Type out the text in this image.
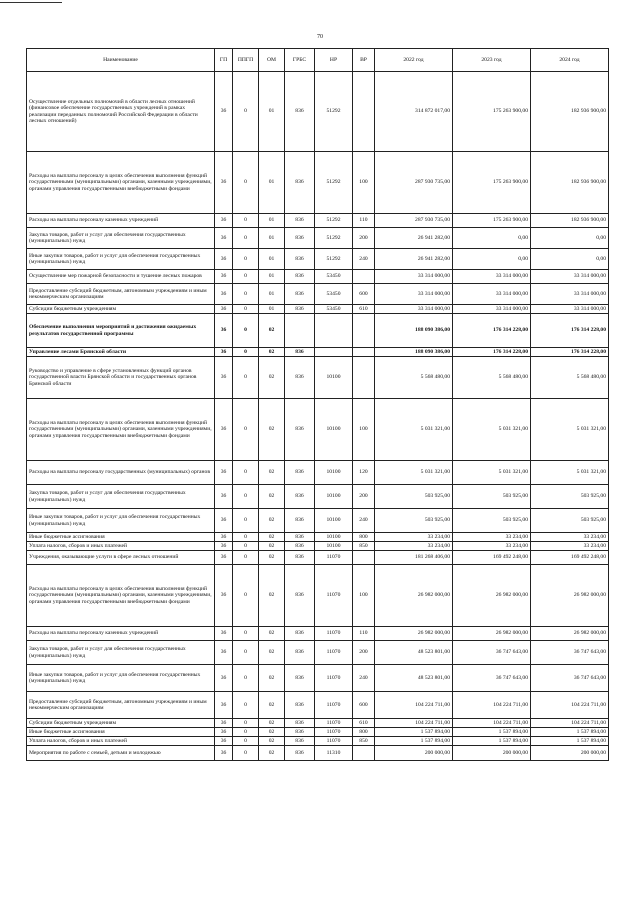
70
Наименование	ГП	ППГП	ОМ	ГРБС	НР	ВР	2022 год	2023 год	2024 год
Осуществление отдельных полномочий в области лесных отношений (финансовое обеспечение государственных учреждений в рамках реализации переданных полномочий Российской Федерации в области лесных отношений)	36	0	01	836	51292		314 872 017,00	175 263 900,00	182 936 900,00
Расходы на выплаты персоналу в целях обеспечения выполнения функций государственными (муниципальными) органами, казенными учреждениями, органами управления государственными внебюджетными фондами	36	0	01	836	51292	100	287 930 735,00	175 263 900,00	182 936 900,00
Расходы на выплаты персоналу казенных учреждений	36	0	01	836	51292	110	287 930 735,00	175 263 900,00	182 936 900,00
Закупка товаров, работ и услуг для обеспечения государственных (муниципальных) нужд	36	0	01	836	51292	200	26 941 282,00	0,00	0,00
Иные закупки товаров, работ и услуг для обеспечения государственных (муниципальных) нужд	36	0	01	836	51292	240	26 941 282,00	0,00	0,00
Осуществление мер пожарной безопасности и тушение лесных пожаров	36	0	01	836	53450		33 314 000,00	33 314 000,00	33 314 000,00
Предоставление субсидий бюджетным, автономным учреждениям и иным некоммерческим организациям	36	0	01	836	53450	600	33 314 000,00	33 314 000,00	33 314 000,00
Субсидии бюджетным учреждениям	36	0	01	836	53450	610	33 314 000,00	33 314 000,00	33 314 000,00
Обеспечение выполнения мероприятий и достижения ожидаемых результатов государственной программы	36	0	02				188 090 386,00	176 314 228,00	176 314 228,00
Управление лесами Брянской области	36	0	02	836			188 090 386,00	176 314 228,00	176 314 228,00
Руководство и управление в сфере установленных функций органов государственной власти Брянской области и государственных органов Брянской области	36	0	02	836	10100		5 568 480,00	5 568 480,00	5 568 480,00
Расходы на выплаты персоналу в целях обеспечения выполнения функций государственными (муниципальными) органами, казенными учреждениями, органами управления государственными внебюджетными фондами	36	0	02	836	10100	100	5 031 321,00	5 031 321,00	5 031 321,00
Расходы на выплаты персоналу государственных (муниципальных) органов	36	0	02	836	10100	120	5 031 321,00	5 031 321,00	5 031 321,00
Закупка товаров, работ и услуг для обеспечения государственных (муниципальных) нужд	36	0	02	836	10100	200	503 925,00	503 925,00	503 925,00
Иные закупки товаров, работ и услуг для обеспечения государственных (муниципальных) нужд	36	0	02	836	10100	240	503 925,00	503 925,00	503 925,00
Иные бюджетные ассигнования	36	0	02	836	10100	800	33 234,00	33 234,00	33 234,00
Уплата налогов, сборов и иных платежей	36	0	02	836	10100	850	33 234,00	33 234,00	33 234,00
Учреждения, оказывающие услуги в сфере лесных отношений	36	0	02	836	11070		181 268 406,00	169 492 248,00	169 492 248,00
Расходы на выплаты персоналу в целях обеспечения выполнения функций государственными (муниципальными) органами, казенными учреждениями, органами управления государственными внебюджетными фондами	36	0	02	836	11070	100	26 982 000,00	26 982 000,00	26 982 000,00
Расходы на выплаты персоналу казенных учреждений	36	0	02	836	11070	110	26 982 000,00	26 982 000,00	26 982 000,00
Закупка товаров, работ и услуг для обеспечения государственных (муниципальных) нужд	36	0	02	836	11070	200	48 523 801,00	36 747 643,00	36 747 643,00
Иные закупки товаров, работ и услуг для обеспечения государственных (муниципальных) нужд	36	0	02	836	11070	240	48 523 801,00	36 747 643,00	36 747 643,00
Предоставление субсидий бюджетным, автономным учреждениям и иным некоммерческим организациям	36	0	02	836	11070	600	104 224 711,00	104 224 711,00	104 224 711,00
Субсидии бюджетным учреждениям	36	0	02	836	11070	610	104 224 711,00	104 224 711,00	104 224 711,00
Иные бюджетные ассигнования	36	0	02	836	11070	800	1 537 894,00	1 537 894,00	1 537 894,00
Уплата налогов, сборов и иных платежей	36	0	02	836	11070	850	1 537 894,00	1 537 894,00	1 537 894,00
Мероприятия по работе с семьей, детьми и молодежью	36	0	02	836	11310		200 000,00	200 000,00	200 000,00
